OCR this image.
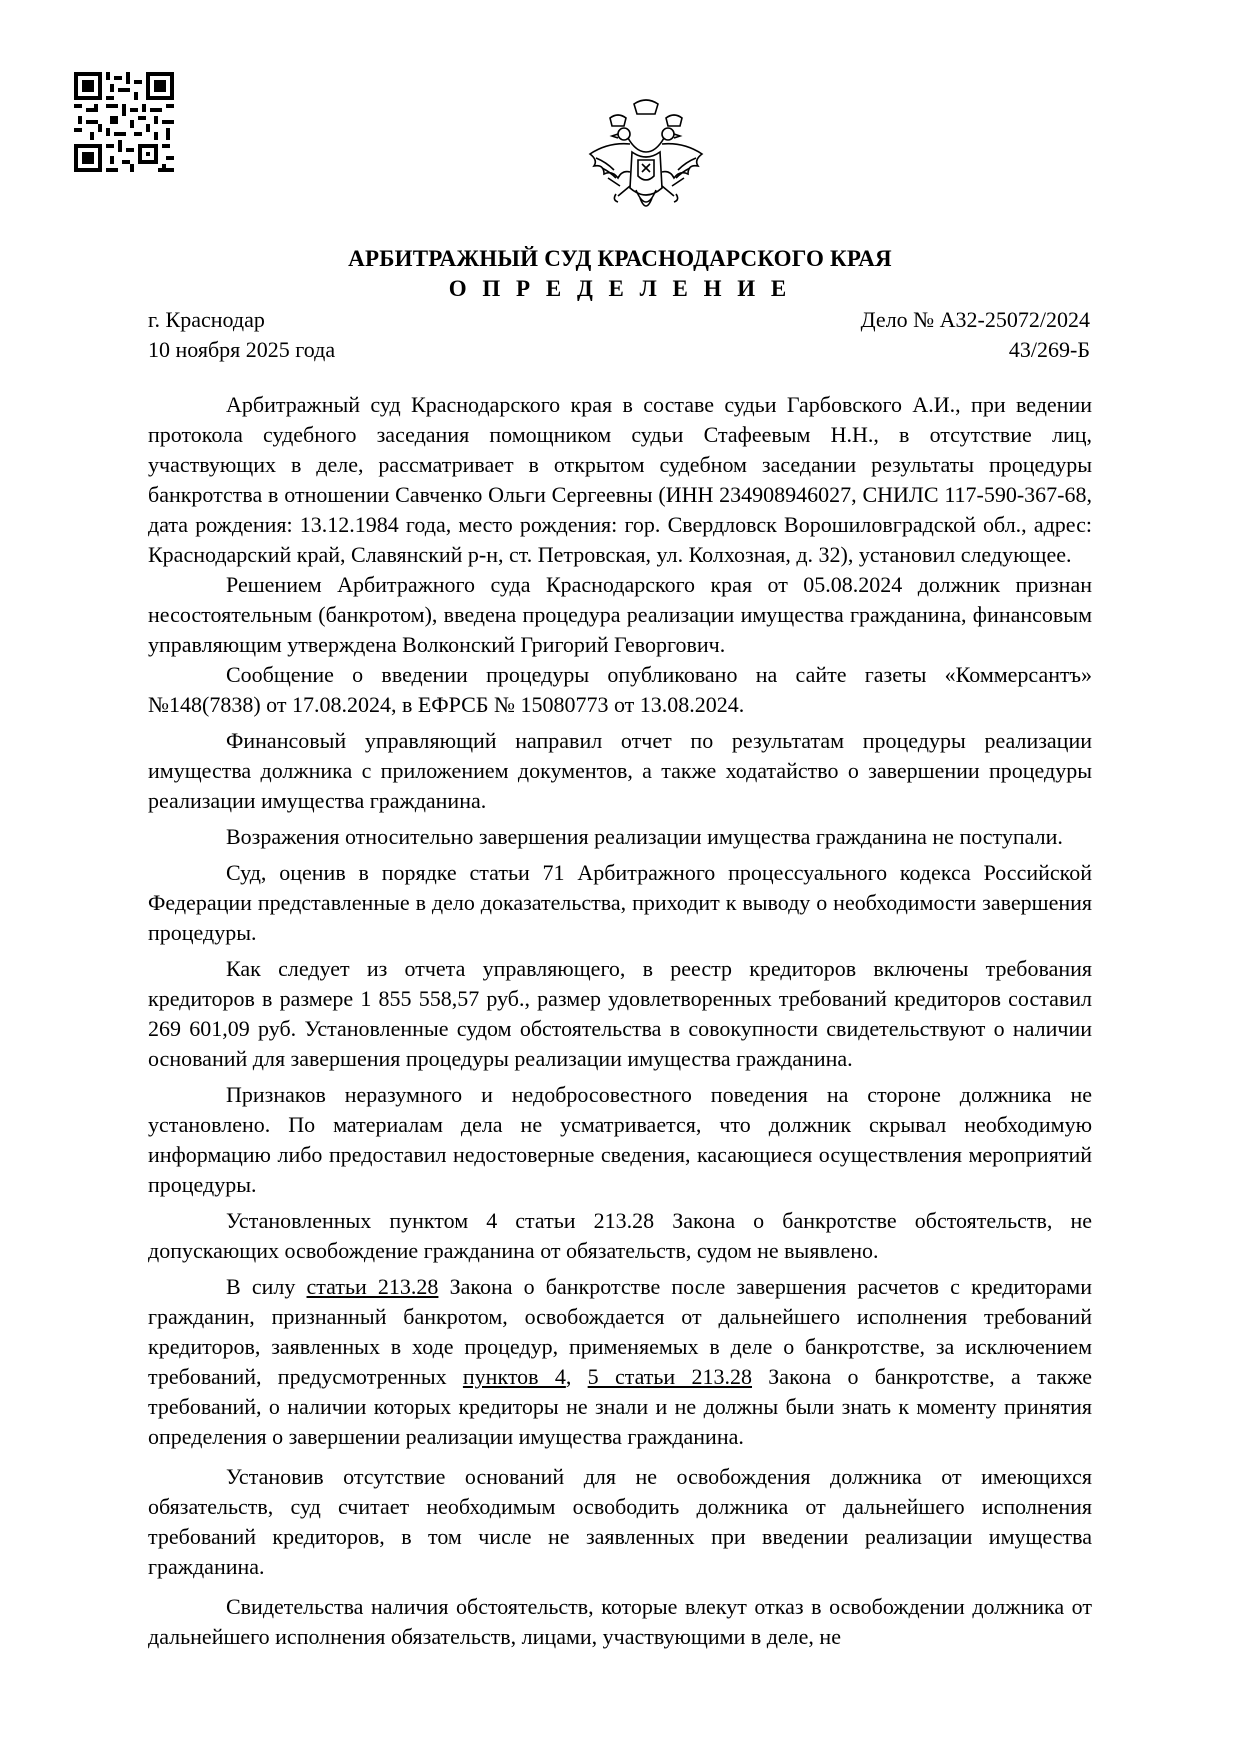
АРБИТРАЖНЫЙ СУД КРАСНОДАРСКОГО КРАЯ
О П Р Е Д Е Л Е Н И Е
г. Краснодар
10 ноября 2025 года
Дело № А32-25072/2024
43/269-Б

Арбитражный суд Краснодарского края в составе судьи Гарбовского А.И., при ведении протокола судебного заседания помощником судьи Стафеевым Н.Н., в отсутствие лиц, участвующих в деле, рассматривает в открытом судебном заседании результаты процедуры банкротства в отношении Савченко Ольги Сергеевны (ИНН 234908946027, СНИЛС 117-590-367-68, дата рождения: 13.12.1984 года, место рождения: гор. Свердловск Ворошиловградской обл., адрес: Краснодарский край, Славянский р-н, ст. Петровская, ул. Колхозная, д. 32), установил следующее.

Решением Арбитражного суда Краснодарского края от 05.08.2024 должник признан несостоятельным (банкротом), введена процедура реализации имущества гражданина, финансовым управляющим утверждена Волконский Григорий Геворгович.

Сообщение о введении процедуры опубликовано на сайте газеты «Коммерсантъ» №148(7838) от 17.08.2024, в ЕФРСБ № 15080773 от 13.08.2024.

Финансовый управляющий направил отчет по результатам процедуры реализации имущества должника с приложением документов, а также ходатайство о завершении процедуры реализации имущества гражданина.

Возражения относительно завершения реализации имущества гражданина не поступали.

Суд, оценив в порядке статьи 71 Арбитражного процессуального кодекса Российской Федерации представленные в дело доказательства, приходит к выводу о необходимости завершения процедуры.

Как следует из отчета управляющего, в реестр кредиторов включены требования кредиторов в размере 1 855 558,57 руб., размер удовлетворенных требований кредиторов составил 269 601,09 руб. Установленные судом обстоятельства в совокупности свидетельствуют о наличии оснований для завершения процедуры реализации имущества гражданина.

Признаков неразумного и недобросовестного поведения на стороне должника не установлено. По материалам дела не усматривается, что должник скрывал необходимую информацию либо предоставил недостоверные сведения, касающиеся осуществления мероприятий процедуры.

Установленных пунктом 4 статьи 213.28 Закона о банкротстве обстоятельств, не допускающих освобождение гражданина от обязательств, судом не выявлено.

В силу статьи 213.28 Закона о банкротстве после завершения расчетов с кредиторами гражданин, признанный банкротом, освобождается от дальнейшего исполнения требований кредиторов, заявленных в ходе процедур, применяемых в деле о банкротстве, за исключением требований, предусмотренных пунктов 4, 5 статьи 213.28 Закона о банкротстве, а также требований, о наличии которых кредиторы не знали и не должны были знать к моменту принятия определения о завершении реализации имущества гражданина.

Установив отсутствие оснований для не освобождения должника от имеющихся обязательств, суд считает необходимым освободить должника от дальнейшего исполнения требований кредиторов, в том числе не заявленных при введении реализации имущества гражданина.

Свидетельства наличия обстоятельств, которые влекут отказ в освобождении должника от дальнейшего исполнения обязательств, лицами, участвующими в деле, не
